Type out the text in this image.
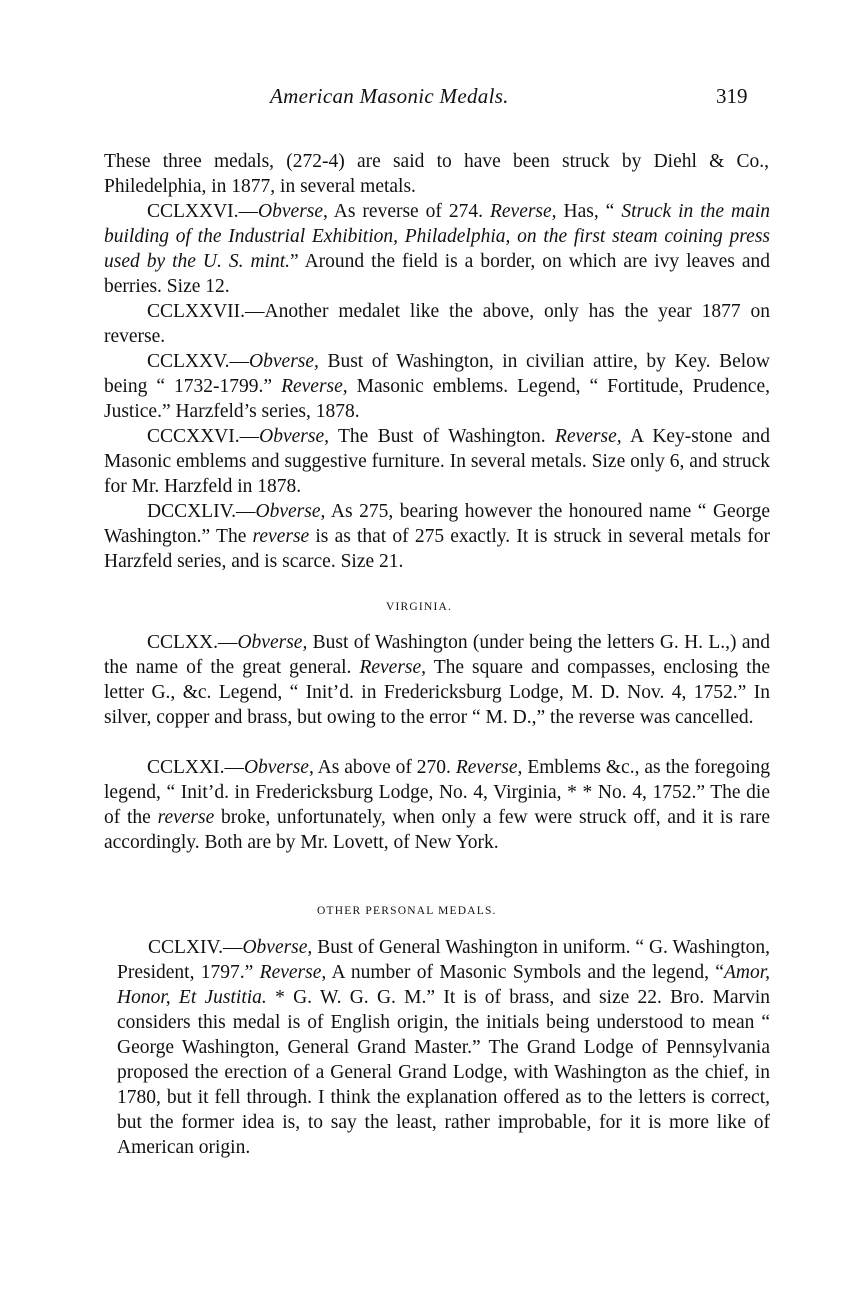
American Masonic Medals.	319

These three medals, (272-4) are said to have been struck by Diehl & Co., Philedelphia, in 1877, in several metals.

CCLXXVI.—Obverse, As reverse of 274. Reverse, Has, “ Struck in the main building of the Industrial Exhibition, Philadelphia, on the first steam coining press used by the U. S. mint.” Around the field is a border, on which are ivy leaves and berries. Size 12.

CCLXXVII.—Another medalet like the above, only has the year 1877 on reverse.

CCLXXV.—Obverse, Bust of Washington, in civilian attire, by Key. Below being “ 1732-1799.” Reverse, Masonic emblems. Legend, “ Fortitude, Prudence, Justice.” Harzfeld’s series, 1878.

CCCXXVI.—Obverse, The Bust of Washington. Reverse, A Key-stone and Masonic emblems and suggestive furniture. In several metals. Size only 6, and struck for Mr. Harzfeld in 1878.

DCCXLIV.—Obverse, As 275, bearing however the honoured name “ George Washington.” The reverse is as that of 275 exactly. It is struck in several metals for Harzfeld series, and is scarce. Size 21.

VIRGINIA.

CCLXX.—Obverse, Bust of Washington (under being the letters G. H. L.,) and the name of the great general. Reverse, The square and compasses, enclosing the letter G., &c. Legend, “ Init’d. in Fredericksburg Lodge, M. D. Nov. 4, 1752.” In silver, copper and brass, but owing to the error “ M. D.,” the reverse was cancelled.

CCLXXI.—Obverse, As above of 270. Reverse, Emblems &c., as the foregoing legend, “ Init’d. in Fredericksburg Lodge, No. 4, Virginia, * * No. 4, 1752.” The die of the reverse broke, unfortunately, when only a few were struck off, and it is rare accordingly. Both are by Mr. Lovett, of New York.

OTHER PERSONAL MEDALS.

CCLXIV.—Obverse, Bust of General Washington in uniform. “ G. Washington, President, 1797.” Reverse, A number of Masonic Symbols and the legend, “Amor, Honor, Et Justitia. * G. W. G. G. M.” It is of brass, and size 22. Bro. Marvin considers this medal is of English origin, the initials being understood to mean “ George Washington, General Grand Master.” The Grand Lodge of Pennsylvania proposed the erection of a General Grand Lodge, with Washington as the chief, in 1780, but it fell through. I think the explanation offered as to the letters is correct, but the former idea is, to say the least, rather improbable, for it is more like of American origin.
